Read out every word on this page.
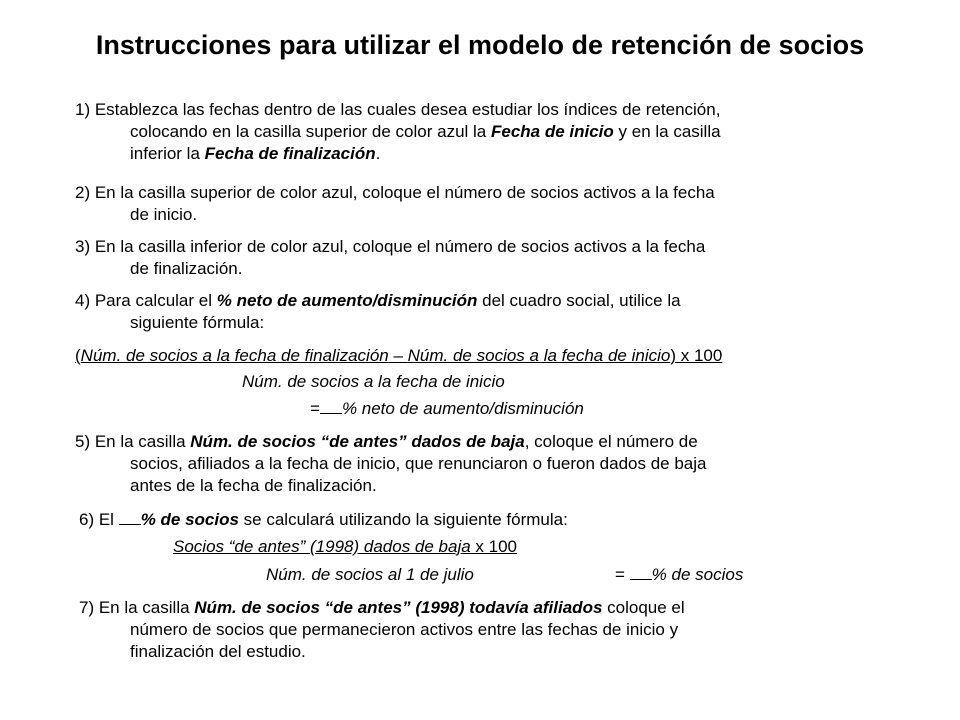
Instrucciones para utilizar el modelo de retención de socios
1) Establezca las fechas dentro de las cuales desea estudiar los índices de retención,
colocando en la casilla superior de color azul la Fecha de inicio y en la casilla
inferior la Fecha de finalización.
2) En la casilla superior de color azul, coloque el número de socios activos a la fecha
de inicio.
3) En la casilla inferior de color azul, coloque el número de socios activos a la fecha
de finalización.
4) Para calcular el % neto de aumento/disminución del cuadro social, utilice la
siguiente fórmula:
(Núm. de socios a la fecha de finalización – Núm. de socios a la fecha de inicio) x 100
Núm. de socios a la fecha de inicio
= % neto de aumento/disminución
5) En la casilla Núm. de socios “de antes” dados de baja, coloque el número de
socios, afiliados a la fecha de inicio, que renunciaron o fueron dados de baja
antes de la fecha de finalización.
6) El % de socios se calculará utilizando la siguiente fórmula:
Socios “de antes” (1998) dados de baja x 100
Núm. de socios al 1 de julio	= % de socios
7) En la casilla Núm. de socios “de antes” (1998) todavía afiliados coloque el
número de socios que permanecieron activos entre las fechas de inicio y
finalización del estudio.
